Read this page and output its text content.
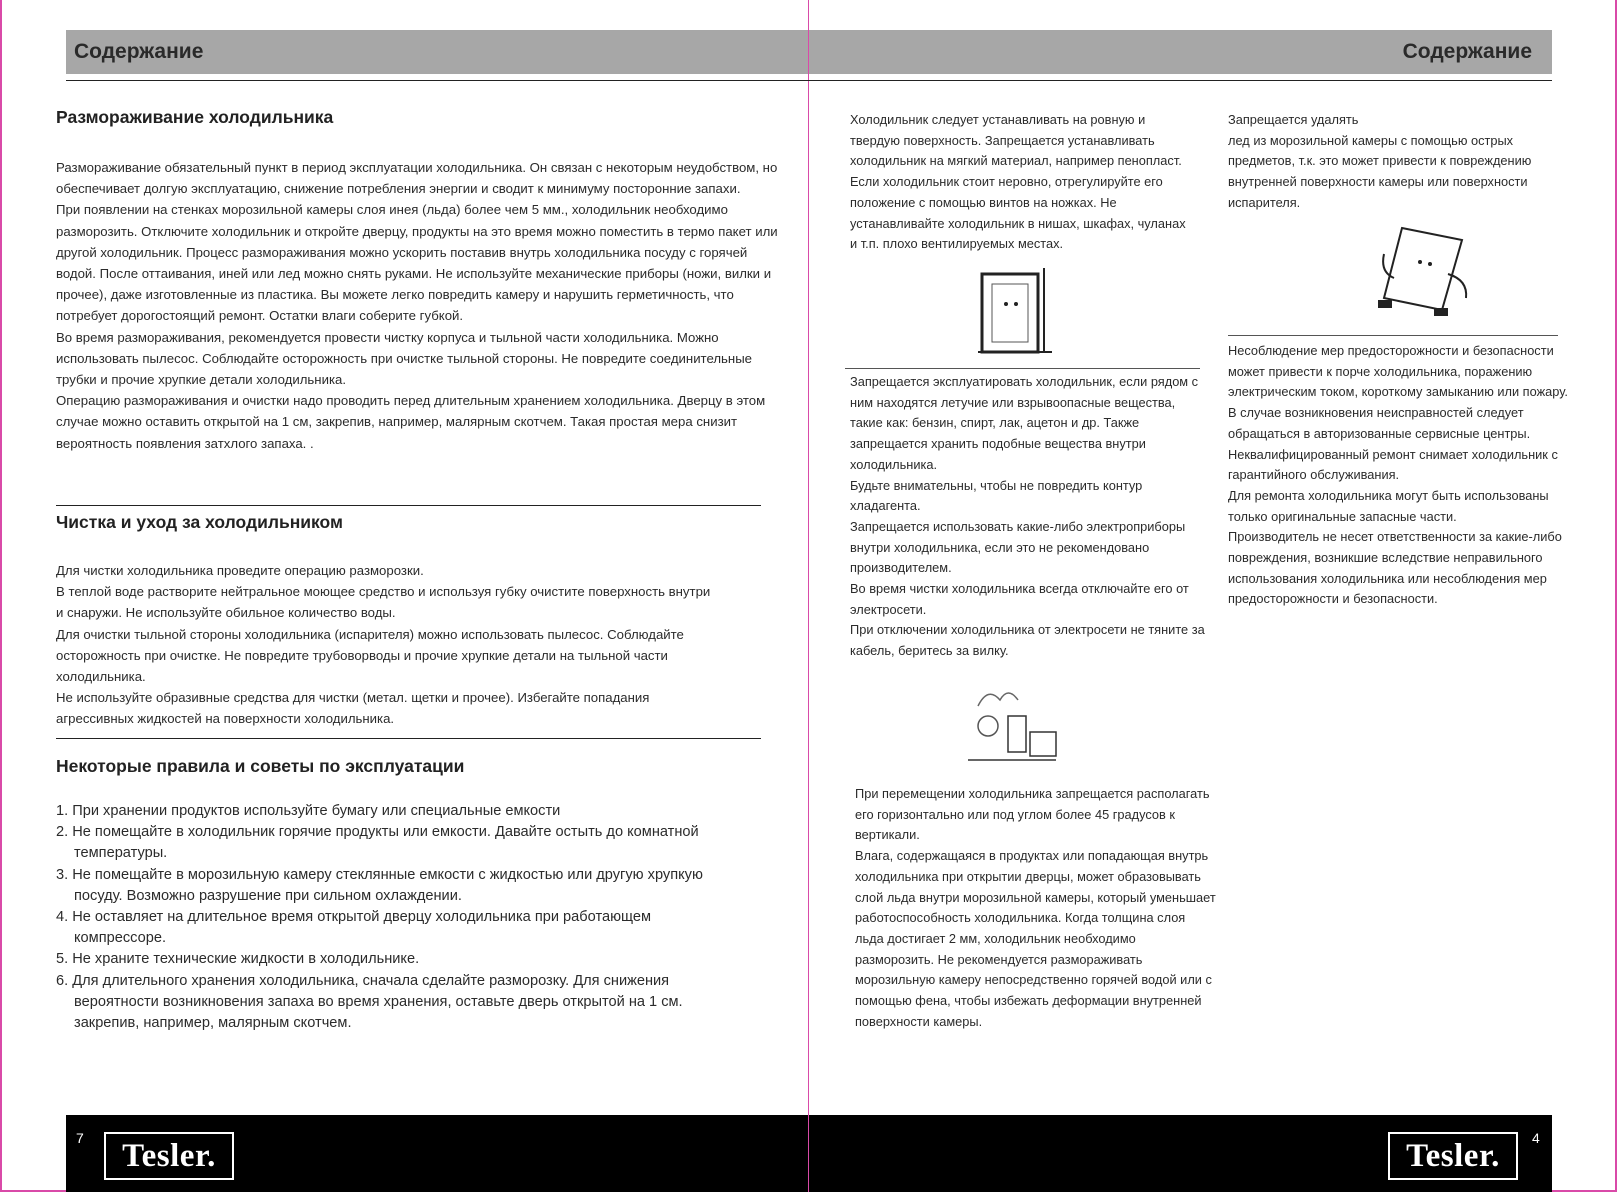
Содержание	Содержание
Размораживание холодильника

Размораживание обязательный пункт в период эксплуатации холодильника. Он связан с некоторым неудобством, но обеспечивает долгую эксплуатацию, снижение потребления энергии и сводит к минимуму посторонние запахи.

При появлении на стенках морозильной камеры слоя инея (льда) более чем 5 мм., холодильник необходимо разморозить. Отключите холодильник и откройте дверцу, продукты на это время можно поместить в термо пакет или другой холодильник. Процесс размораживания можно ускорить поставив внутрь холодильника посуду с горячей водой. После оттаивания, иней или лед можно снять руками. Не используйте механические приборы (ножи, вилки и прочее), даже изготовленные из пластика. Вы можете легко повредить камеру и нарушить герметичность, что потребует дорогостоящий ремонт. Остатки влаги соберите губкой.

Во время размораживания, рекомендуется провести чистку корпуса и тыльной части холодильника. Можно использовать пылесос. Соблюдайте осторожность при очистке тыльной стороны. Не повредите соединительные трубки и прочие хрупкие детали холодильника.

Операцию размораживания и очистки надо проводить перед длительным хранением холодильника. Дверцу в этом случае можно оставить открытой на 1 см, закрепив, например, малярным скотчем. Такая простая мера снизит вероятность появления затхлого запаха. .

Чистка и уход за холодильником

Для чистки холодильника проведите операцию разморозки.

В теплой воде растворите нейтральное моющее средство и используя губку очистите поверхность внутри и снаружи. Не используйте обильное количество воды.

Для очистки тыльной стороны холодильника (испарителя) можно использовать пылесос. Соблюдайте осторожность при очистке. Не повредите трубоворводы и прочие хрупкие детали на тыльной части холодильника.

Не используйте образивные средства для чистки (метал. щетки и прочее). Избегайте попадания агрессивных жидкостей на поверхности холодильника.

Некоторые правила и советы по эксплуатации
1. При хранении продуктов используйте бумагу или специальные емкости
2. Не помещайте в холодильник горячие продукты или емкости. Давайте остыть до комнатной температуры.
3. Не помещайте в морозильную камеру стеклянные емкости с жидкостью или другую хрупкую посуду. Возможно разрушение при сильном охлаждении.
4. Не оставляет на длительное время открытой дверцу холодильника при работающем компрессоре.
5. Не храните технические жидкости в холодильнике.
6. Для длительного хранения холодильника, сначала сделайте разморозку. Для снижения вероятности возникновения запаха во время хранения, оставьте дверь открытой на 1 см. закрепив, например, малярным скотчем.

Холодильник следует устанавливать на ровную и твердую поверхность. Запрещается устанавливать холодильник на мягкий материал, например пенопласт. Если холодильник стоит неровно, отрегулируйте его положение с помощью винтов на ножках. Не устанавливайте холодильник в нишах, шкафах, чуланах и т.п. плохо вентилируемых местах.

Запрещается эксплуатировать холодильник, если рядом с ним находятся летучие или взрывоопасные вещества, такие как: бензин, спирт, лак, ацетон и др. Также запрещается хранить подобные вещества внутри холодильника.

Будьте внимательны, чтобы не повредить контур хладагента.

Запрещается использовать какие-либо электроприборы внутри холодильника, если это не рекомендовано производителем.

Во время чистки холодильника всегда отключайте его от электросети.

При отключении холодильника от электросети не тяните за кабель, беритесь за вилку.

При перемещении холодильника запрещается располагать его горизонтально или под углом более 45 градусов к вертикали.

Влага, содержащаяся в продуктах или попадающая внутрь холодильника при открытии дверцы, может образовывать слой льда внутри морозильной камеры, который уменьшает работоспособность холодильника. Когда толщина слоя льда достигает 2 мм, холодильник необходимо разморозить. Не рекомендуется размораживать морозильную камеру непосредственно горячей водой или с помощью фена, чтобы избежать деформации внутренней поверхности камеры.

Запрещается удалять

лед из морозильной камеры с помощью острых предметов, т.к. это может привести к повреждению внутренней поверхности камеры или поверхности испарителя.

Несоблюдение мер предосторожности и безопасности может привести к порче холодильника, поражению электрическим током, короткому замыканию или пожару.

В случае возникновения неисправностей следует обращаться в авторизованные сервисные центры. Неквалифицированный ремонт снимает холодильник с гарантийного обслуживания.

Для ремонта холодильника могут быть использованы только оригинальные запасные части.

Производитель не несет ответственности за какие-либо повреждения, возникшие вследствие неправильного использования холодильника или несоблюдения мер предосторожности и безопасности.

7	Tesler.	Tesler.	4
